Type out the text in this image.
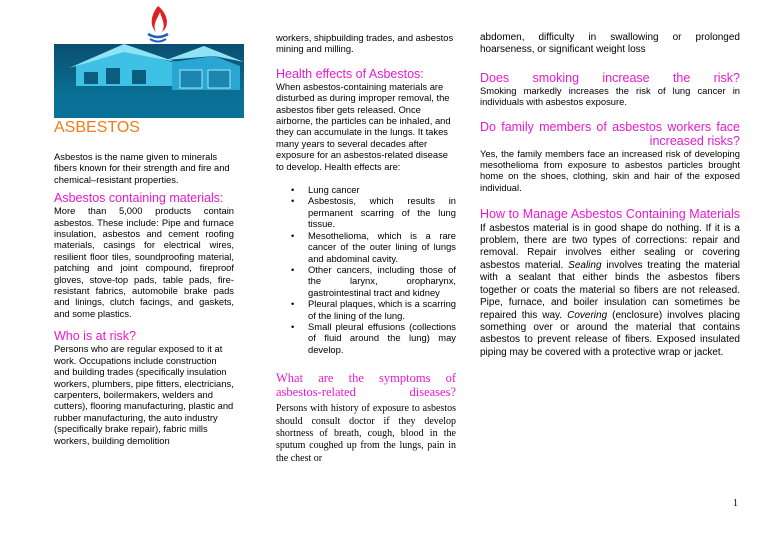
ASBESTOS

Asbestos is the name given to minerals fibers known for their strength and fire and chemical–resistant properties.

Asbestos containing materials:

More than 5,000 products contain asbestos. These include: Pipe and furnace insulation, asbestos and cement roofing materials, casings for electrical wires, resilient floor tiles, soundproofing material, patching and joint compound, fireproof gloves, stove-top pads, table pads, fire-resistant fabrics, automobile brake pads and linings, clutch facings, and gaskets, and some plastics.

Who is at risk?

Persons who are regular exposed to it at work. Occupations include construction and building trades (specifically insulation workers, plumbers, pipe fitters, electricians, carpenters, boilermakers, welders and cutters), flooring manufacturing, plastic and rubber manufacturing, the auto industry (specifically brake repair), fabric mills workers, building demolition

workers, shipbuilding trades, and asbestos mining and milling.

Health effects of Asbestos:

When asbestos-containing materials are disturbed as during improper removal, the asbestos fiber gets released. Once airborne, the particles can be inhaled, and they can accumulate in the lungs. It takes many years to several decades after exposure for an asbestos-related disease to develop. Health effects are:

• Lung cancer
• Asbestosis, which results in permanent scarring of the lung tissue.
• Mesothelioma, which is a rare cancer of the outer lining of lungs and abdominal cavity.
• Other cancers, including those of the larynx, oropharynx, gastrointestinal tract and kidney
• Pleural plaques, which is a scarring of the lining of the lung.
• Small pleural effusions (collections of fluid around the lung) may develop.
What are the symptoms of asbestos-related diseases?

Persons with history of exposure to asbestos should consult doctor if they develop shortness of breath, cough, blood in the sputum coughed up from the lungs, pain in the chest or

abdomen, difficulty in swallowing or prolonged hoarseness, or significant weight loss

Does smoking increase the risk?

Smoking markedly increases the risk of lung cancer in individuals with asbestos exposure.

Do family members of asbestos workers face increased risks?

Yes, the family members face an increased risk of developing mesothelioma from exposure to asbestos particles brought home on the shoes, clothing, skin and hair of the exposed individual.

How to Manage Asbestos Containing Materials If asbestos material is in good shape do nothing. If it is a problem, there are two types of corrections: repair and removal. Repair involves either sealing or covering asbestos material. Sealing involves treating the material with a sealant that either binds the asbestos fibers together or coats the material so fibers are not released. Pipe, furnace, and boiler insulation can sometimes be repaired this way. Covering (enclosure) involves placing something over or around the material that contains asbestos to prevent release of fibers. Exposed insulated piping may be covered with a protective wrap or jacket.
1
